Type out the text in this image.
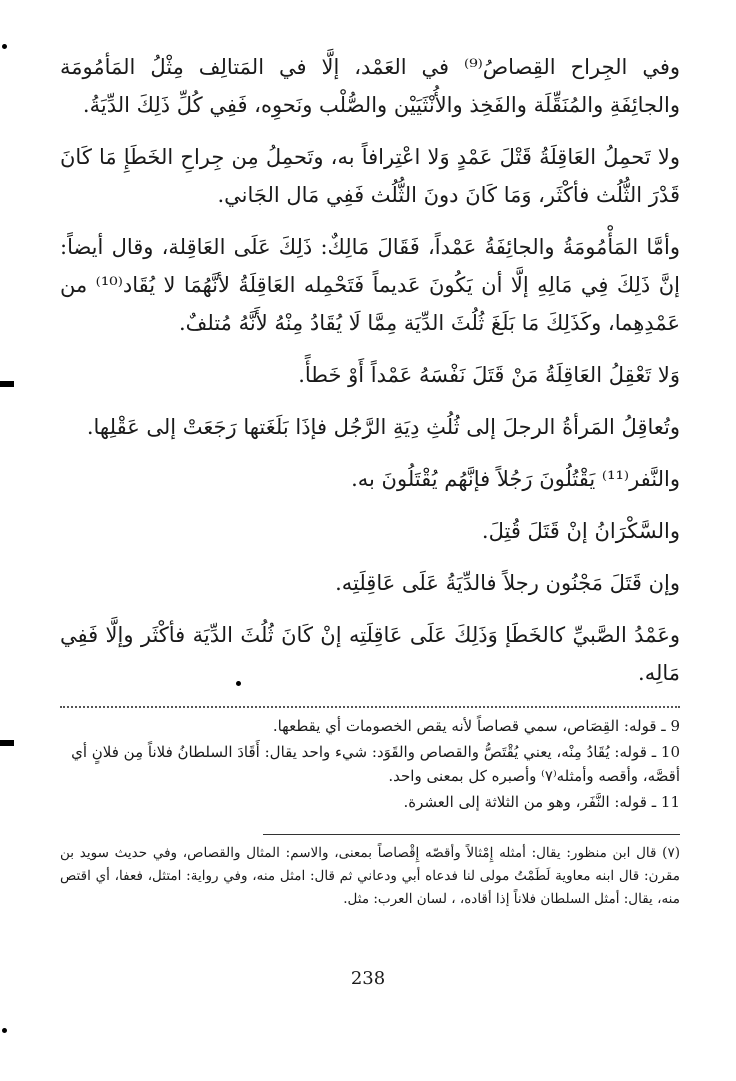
وفي الجِراح القِصاصُ⁽⁹⁾ في العَمْد، إلَّا في المَتالِف مِثْلُ المَأمُومَة والجائِفَةِ والمُنَقِّلَة والفَخِذ والأُنْثَيَيْن والصُّلْب ونَحوِه، فَفِي كُلِّ ذَلِكَ الدِّيَةُ.

ولا تَحمِلُ العَاقِلَةُ قَتْلَ عَمْدٍ وَلا اعْتِرافاً به، وتَحمِلُ مِن جِراحِ الخَطَإِ مَا كَانَ قَدْرَ الثُّلُث فأكْثَر، وَمَا كَانَ دونَ الثُّلُث فَفِي مَال الجَاني.

وأمَّا المَأْمُومَةُ والجائِفَةُ عَمْداً، فَقَالَ مَالِكٌ: ذَلِكَ عَلَى العَاقِلة، وقال أيضاً: إنَّ ذَلِكَ فِي مَالِهِ إلَّا أن يَكُونَ عَديماً فَتَحْمِله العَاقِلَةُ لأنَّهُمَا لا يُقَاد⁽¹⁰⁾ من عَمْدِهِما، وكَذَلِكَ مَا بَلَغَ ثُلُثَ الدِّيَة مِمَّا لَا يُقَادُ مِنْهُ لأَنَّهُ مُتلفٌ.

وَلا تَعْقِلُ العَاقِلَةُ مَنْ قَتَلَ نَفْسَهُ عَمْداً أَوْ خَطأً.

وتُعاقِلُ المَرأةُ الرجلَ إلى ثُلُثِ دِيَةِ الرَّجُل فإذَا بَلَغَتها رَجَعَتْ إلى عَقْلِها.

والنَّفر⁽¹¹⁾ يَقْتُلُونَ رَجُلاً فإنَّهُم يُقْتَلُونَ به.

والسَّكْرَانُ إنْ قَتَلَ قُتِلَ.

وإن قَتَلَ مَجْنُون رجلاً فالدِّيَةُ عَلَى عَاقِلَتِه.

وعَمْدُ الصَّبيِّ كالخَطَإ وَذَلِكَ عَلَى عَاقِلَتِه إنْ كَانَ ثُلُثَ الدِّيَة فأكْثَر وإلَّا فَفِي مَالِه.

9 ـ قوله: القِصَاص، سمي قصاصاً لأنه يقص الخصومات أي يقطعها.

10 ـ قوله: يُقَادُ مِنْه، يعني يُقْتَصُّ والقصاص والقَوَد: شيء واحد يقال: أَقَادَ السلطانُ فلاناً مِن فلانٍ أي أقصَّه، وأقصه وأمثله⁽٧⁾ وأصبره كل بمعنى واحد.

11 ـ قوله: النَّفَر، وهو من الثلاثة إلى العشرة.

(٧) قال ابن منظور: يقال: أمثله إِمْثالاً وأقصّه إِقْصاصاً بمعنى، والاسم: المثال والقصاص، وفي حديث سويد بن مقرن: قال ابنه معاوية لَطَمْتُ مولى لنا فدعاه أبي ودعاني ثم قال: امثل منه، وفي رواية: امتثل، فعفا، أي اقتص منه، يقال: أمثل السلطان فلاناً إذا أقاده، ، لسان العرب: مثل.

238
